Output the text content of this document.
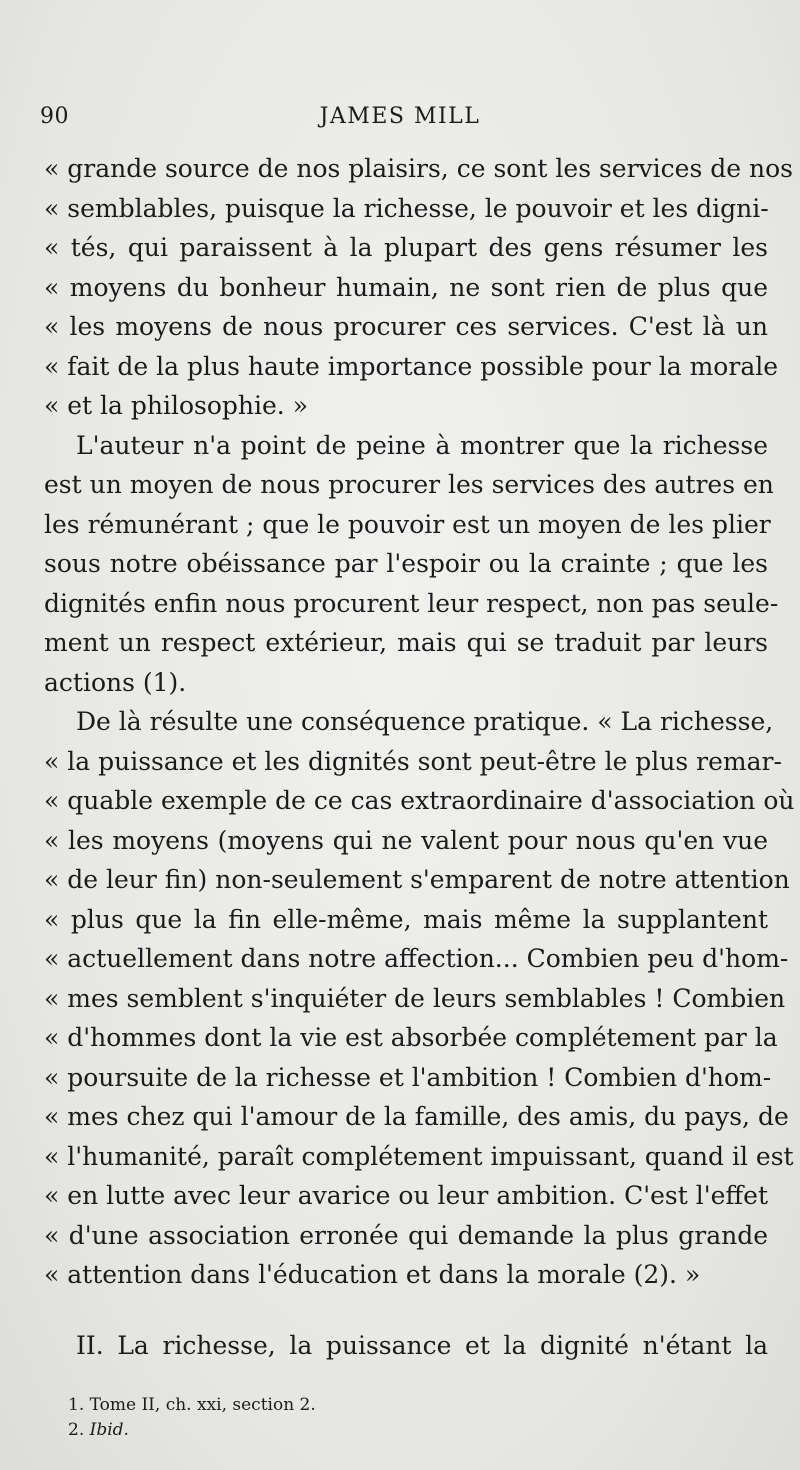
90	JAMES MILL
« grande source de nos plaisirs, ce sont les services de nos
« semblables, puisque la richesse, le pouvoir et les digni-
« tés, qui paraissent à la plupart des gens résumer les
« moyens du bonheur humain, ne sont rien de plus que
« les moyens de nous procurer ces services. C'est là un
« fait de la plus haute importance possible pour la morale
« et la philosophie. »
L'auteur n'a point de peine à montrer que la richesse
est un moyen de nous procurer les services des autres en
les rémunérant ; que le pouvoir est un moyen de les plier
sous notre obéissance par l'espoir ou la crainte ; que les
dignités enfin nous procurent leur respect, non pas seule-
ment un respect extérieur, mais qui se traduit par leurs
actions (1).
De là résulte une conséquence pratique. « La richesse,
« la puissance et les dignités sont peut-être le plus remar-
« quable exemple de ce cas extraordinaire d'association où
« les moyens (moyens qui ne valent pour nous qu'en vue
« de leur fin) non-seulement s'emparent de notre attention
« plus que la fin elle-même, mais même la supplantent
« actuellement dans notre affection... Combien peu d'hom-
« mes semblent s'inquiéter de leurs semblables ! Combien
« d'hommes dont la vie est absorbée complétement par la
« poursuite de la richesse et l'ambition ! Combien d'hom-
« mes chez qui l'amour de la famille, des amis, du pays, de
« l'humanité, paraît complétement impuissant, quand il est
« en lutte avec leur avarice ou leur ambition. C'est l'effet
« d'une association erronée qui demande la plus grande
« attention dans l'éducation et dans la morale (2). »
II. La richesse, la puissance et la dignité n'étant la
1. Tome II, ch. xxi, section 2.
2. Ibid.
